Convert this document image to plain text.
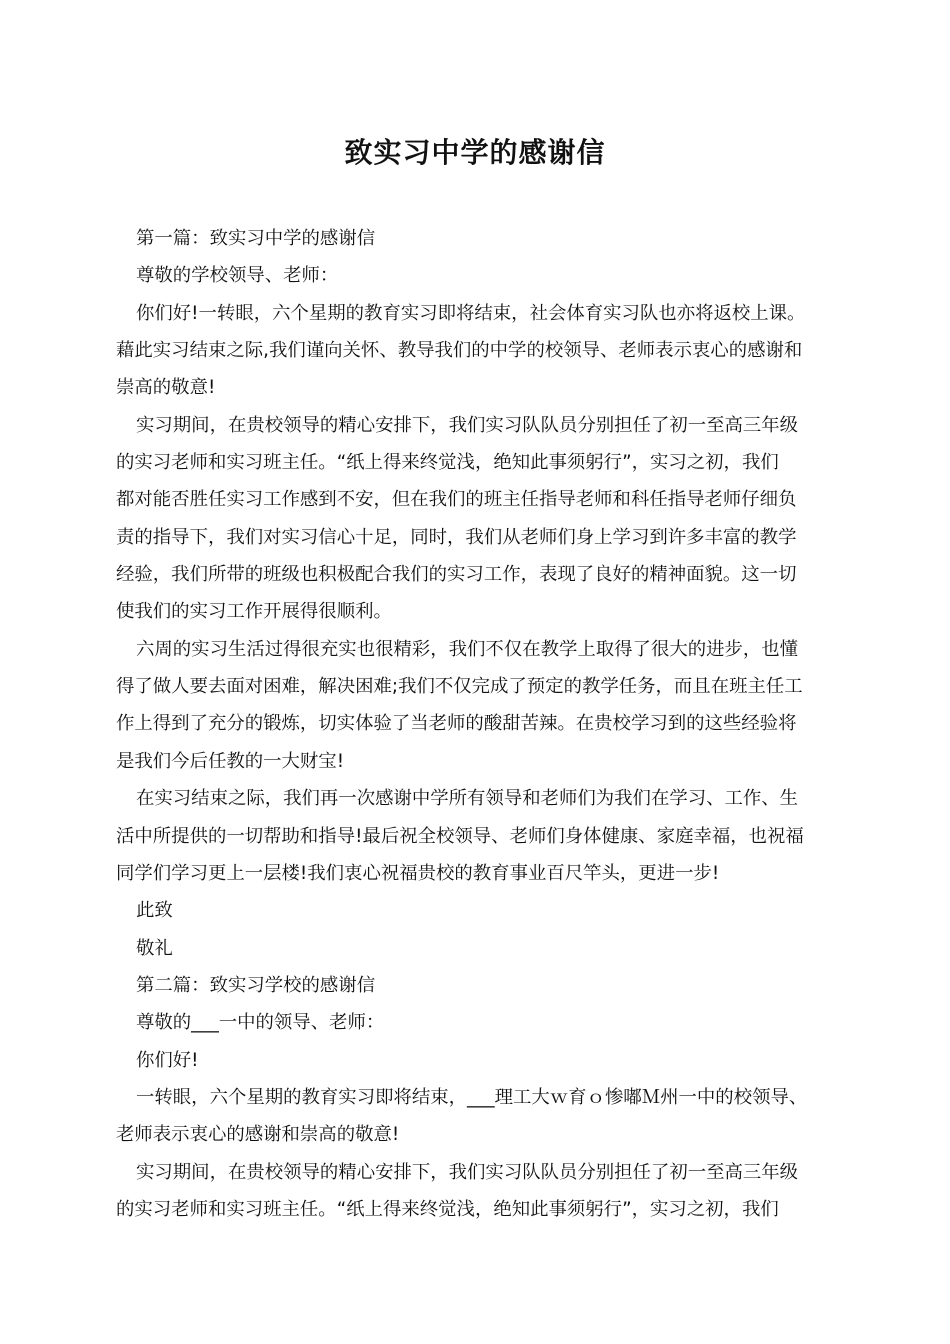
致实习中学的感谢信
第一篇：致实习中学的感谢信
尊敬的学校领导、老师：
你们好!一转眼，六个星期的教育实习即将结束，社会体育实习队也亦将返校上课。
藉此实习结束之际,我们谨向关怀、教导我们的中学的校领导、老师表示衷心的感谢和
崇高的敬意!
实习期间，在贵校领导的精心安排下，我们实习队队员分别担任了初一至高三年级
的实习老师和实习班主任。“纸上得来终觉浅，绝知此事须躬行”，实习之初，我们
都对能否胜任实习工作感到不安，但在我们的班主任指导老师和科任指导老师仔细负
责的指导下，我们对实习信心十足，同时，我们从老师们身上学习到许多丰富的教学
经验，我们所带的班级也积极配合我们的实习工作，表现了良好的精神面貌。这一切
使我们的实习工作开展得很顺利。
六周的实习生活过得很充实也很精彩，我们不仅在教学上取得了很大的进步，也懂
得了做人要去面对困难，解决困难;我们不仅完成了预定的教学任务，而且在班主任工
作上得到了充分的锻炼，切实体验了当老师的酸甜苦辣。在贵校学习到的这些经验将
是我们今后任教的一大财宝!
在实习结束之际，我们再一次感谢中学所有领导和老师们为我们在学习、工作、生
活中所提供的一切帮助和指导!最后祝全校领导、老师们身体健康、家庭幸福，也祝福
同学们学习更上一层楼!我们衷心祝福贵校的教育事业百尺竿头，更进一步!
此致
敬礼
第二篇：致实习学校的感谢信
尊敬的___一中的领导、老师：
你们好!
一转眼，六个星期的教育实习即将结束，___理工大ｗ育ｏ惨嘟Ｍ州一中的校领导、
老师表示衷心的感谢和崇高的敬意!
实习期间，在贵校领导的精心安排下，我们实习队队员分别担任了初一至高三年级
的实习老师和实习班主任。“纸上得来终觉浅，绝知此事须躬行”，实习之初，我们
